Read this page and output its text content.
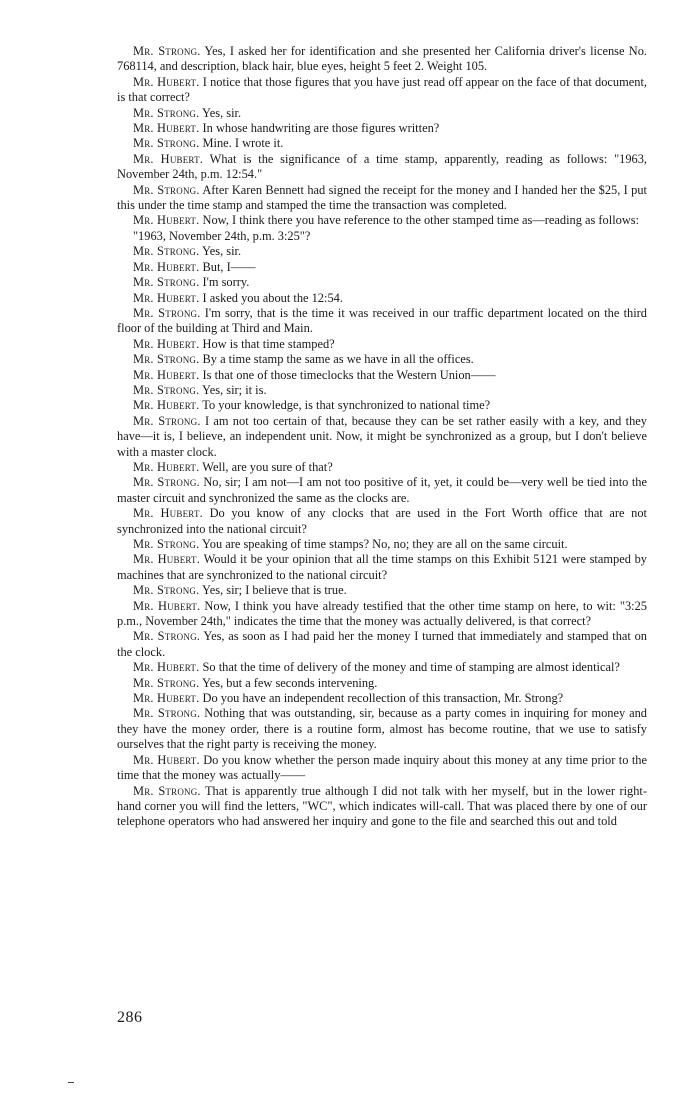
Mr. Strong. Yes, I asked her for identification and she presented her California driver's license No. 768114, and description, black hair, blue eyes, height 5 feet 2. Weight 105.

Mr. Hubert. I notice that those figures that you have just read off appear on the face of that document, is that correct?

Mr. Strong. Yes, sir.

Mr. Hubert. In whose handwriting are those figures written?

Mr. Strong. Mine. I wrote it.

Mr. Hubert. What is the significance of a time stamp, apparently, reading as follows: "1963, November 24th, p.m. 12:54."

Mr. Strong. After Karen Bennett had signed the receipt for the money and I handed her the $25, I put this under the time stamp and stamped the time the transaction was completed.

Mr. Hubert. Now, I think there you have reference to the other stamped time as—reading as follows:

"1963, November 24th, p.m. 3:25"?

Mr. Strong. Yes, sir.

Mr. Hubert. But, I——

Mr. Strong. I'm sorry.

Mr. Hubert. I asked you about the 12:54.

Mr. Strong. I'm sorry, that is the time it was received in our traffic department located on the third floor of the building at Third and Main.

Mr. Hubert. How is that time stamped?

Mr. Strong. By a time stamp the same as we have in all the offices.

Mr. Hubert. Is that one of those timeclocks that the Western Union——

Mr. Strong. Yes, sir; it is.

Mr. Hubert. To your knowledge, is that synchronized to national time?

Mr. Strong. I am not too certain of that, because they can be set rather easily with a key, and they have—it is, I believe, an independent unit. Now, it might be synchronized as a group, but I don't believe with a master clock.

Mr. Hubert. Well, are you sure of that?

Mr. Strong. No, sir; I am not—I am not too positive of it, yet, it could be—very well be tied into the master circuit and synchronized the same as the clocks are.

Mr. Hubert. Do you know of any clocks that are used in the Fort Worth office that are not synchronized into the national circuit?

Mr. Strong. You are speaking of time stamps? No, no; they are all on the same circuit.

Mr. Hubert. Would it be your opinion that all the time stamps on this Exhibit 5121 were stamped by machines that are synchronized to the national circuit?

Mr. Strong. Yes, sir; I believe that is true.

Mr. Hubert. Now, I think you have already testified that the other time stamp on here, to wit: "3:25 p.m., November 24th," indicates the time that the money was actually delivered, is that correct?

Mr. Strong. Yes, as soon as I had paid her the money I turned that immediately and stamped that on the clock.

Mr. Hubert. So that the time of delivery of the money and time of stamping are almost identical?

Mr. Strong. Yes, but a few seconds intervening.

Mr. Hubert. Do you have an independent recollection of this transaction, Mr. Strong?

Mr. Strong. Nothing that was outstanding, sir, because as a party comes in inquiring for money and they have the money order, there is a routine form, almost has become routine, that we use to satisfy ourselves that the right party is receiving the money.

Mr. Hubert. Do you know whether the person made inquiry about this money at any time prior to the time that the money was actually——

Mr. Strong. That is apparently true although I did not talk with her myself, but in the lower right-hand corner you will find the letters, "WC", which indicates will-call. That was placed there by one of our telephone operators who had answered her inquiry and gone to the file and searched this out and told

286
